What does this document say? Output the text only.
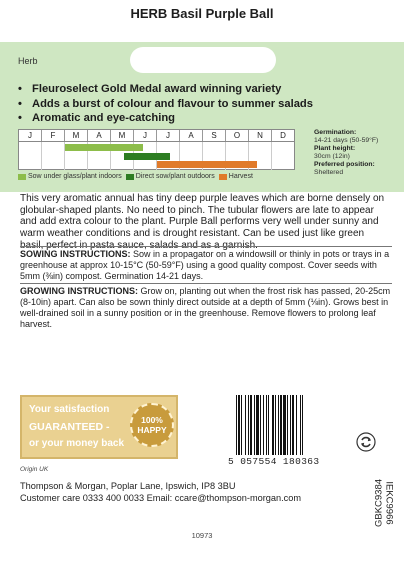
HERB Basil Purple Ball
Herb
• Fleuroselect Gold Medal award winning variety
• Adds a burst of colour and flavour to summer salads
• Aromatic and eye-catching
J	F	M	A	M	J	J	A	S	O	N	D
Sow under glass/plant indoors Direct sow/plant outdoors Harvest
Germination:
14-21 days (50-59°F)
Plant height:
30cm (12in)
Preferred position:
Sheltered

This very aromatic annual has tiny deep purple leaves which are borne densely on globular-shaped plants. No need to pinch. The tubular flowers are late to appear and add extra colour to the plant. Purple Ball performs very well under sunny and warm weather conditions and is drought resistant. Can be used just like green

SOWING INSTRUCTIONS: Sow in a propagator on a windowsill or thinly in pots or trays in a greenhouse at approx 10-15°C (50-59°F) using a good quality compost. Cover seeds with 5mm (⅜in) compost. Germination 14-21 days.

GROWING INSTRUCTIONS: Grow on, planting out when the frost risk has passed, 20-25cm (8-10in) apart. Can also be sown thinly direct outside at a depth of 5mm (⅛in). Grows best in well-drained soil in a sunny position or in the greenhouse. Remove flowers to prolong leaf harvest.

Your satisfaction
GUARANTEED -
or your money back
100%
HAPPY
5 057554 180363
Origin UK
Thompson & Morgan, Poplar Lane, Ipswich, IP8 3BU
Customer care 0333 400 0033 Email: ccare@thompson-morgan.com	IEKC9966
GBKC9384
10973
